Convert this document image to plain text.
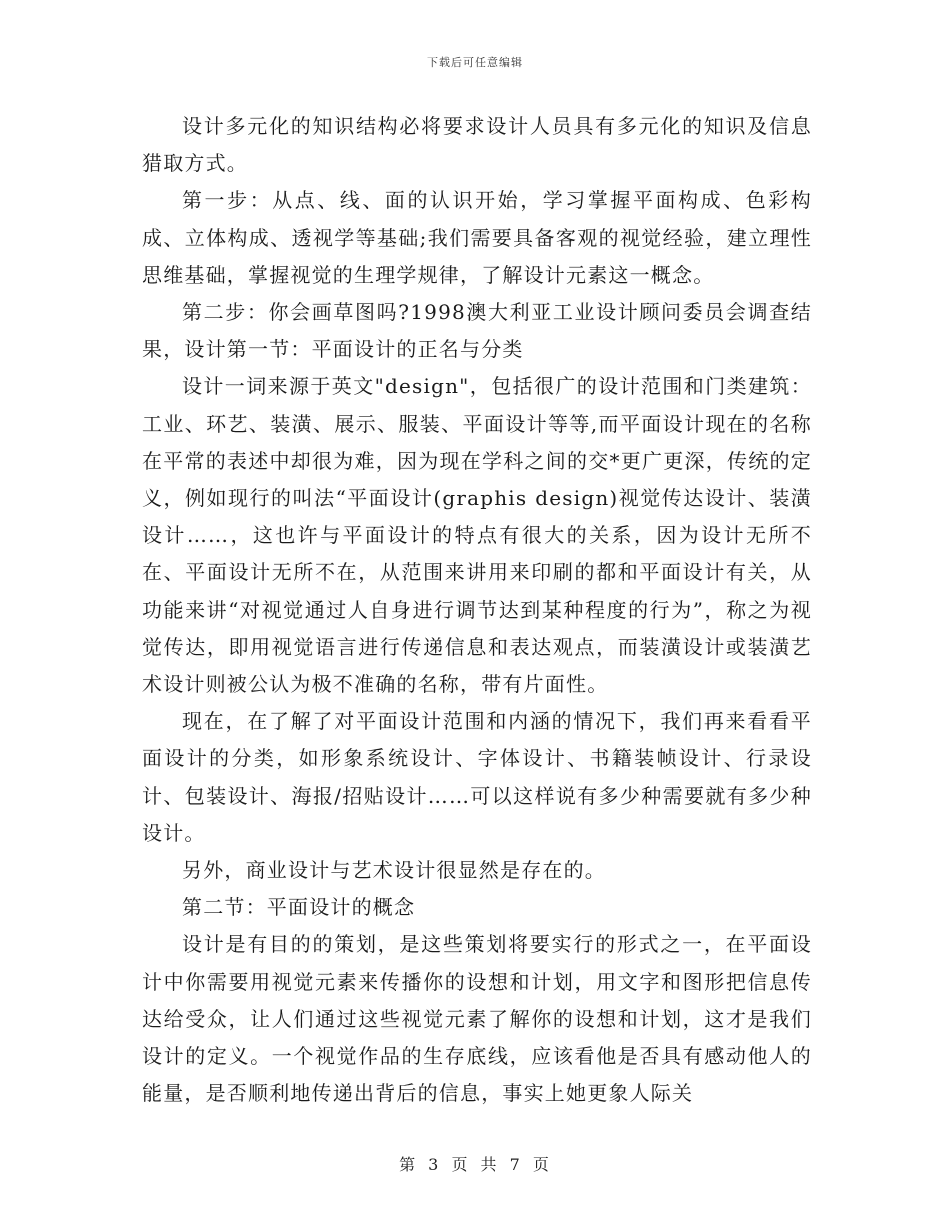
下载后可任意编辑

设计多元化的知识结构必将要求设计人员具有多元化的知识及信息猎取方式。

第一步：从点、线、面的认识开始，学习掌握平面构成、色彩构成、立体构成、透视学等基础;我们需要具备客观的视觉经验，建立理性思维基础，掌握视觉的生理学规律，了解设计元素这一概念。

第二步：你会画草图吗?1998澳大利亚工业设计顾问委员会调查结果，设计第一节：平面设计的正名与分类

设计一词来源于英文"design"，包括很广的设计范围和门类建筑：工业、环艺、装潢、展示、服装、平面设计等等,而平面设计现在的名称在平常的表述中却很为难，因为现在学科之间的交*更广更深，传统的定义，例如现行的叫法“平面设计(graphis design)视觉传达设计、装潢设计……，这也许与平面设计的特点有很大的关系，因为设计无所不在、平面设计无所不在，从范围来讲用来印刷的都和平面设计有关，从功能来讲“对视觉通过人自身进行调节达到某种程度的行为”，称之为视觉传达，即用视觉语言进行传递信息和表达观点，而装潢设计或装潢艺术设计则被公认为极不准确的名称，带有片面性。

现在，在了解了对平面设计范围和内涵的情况下，我们再来看看平面设计的分类，如形象系统设计、字体设计、书籍装帧设计、行录设计、包装设计、海报/招贴设计……可以这样说有多少种需要就有多少种设计。

另外，商业设计与艺术设计很显然是存在的。

第二节：平面设计的概念

设计是有目的的策划，是这些策划将要实行的形式之一，在平面设计中你需要用视觉元素来传播你的设想和计划，用文字和图形把信息传达给受众，让人们通过这些视觉元素了解你的设想和计划，这才是我们设计的定义。一个视觉作品的生存底线，应该看他是否具有感动他人的能量，是否顺利地传递出背后的信息，事实上她更象人际关

第 3 页 共 7 页
